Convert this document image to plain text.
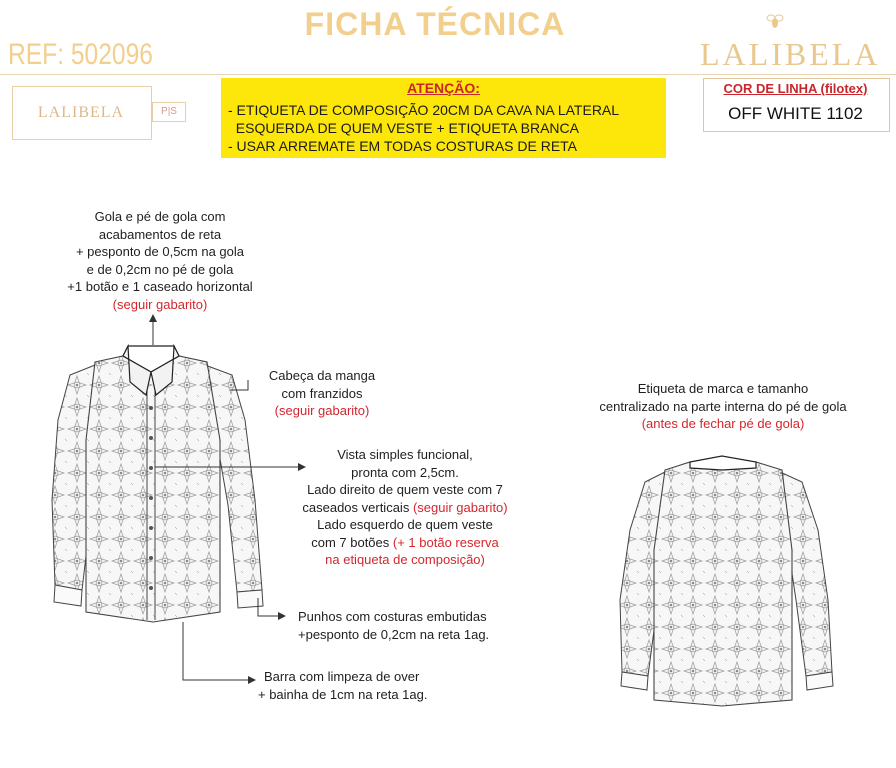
FICHA TÉCNICA
REF: 502096	LALIBELA
LALIBELA	P|S
ATENÇÃO:
- ETIQUETA DE COMPOSIÇÃO 20CM DA CAVA NA LATERAL
ESQUERDA DE QUEM VESTE + ETIQUETA BRANCA
- USAR ARREMATE EM TODAS COSTURAS DE RETA
COR DE LINHA (filotex)
OFF WHITE 1102
Gola e pé de gola com
acabamentos de reta
+ pesponto de 0,5cm na gola
e de 0,2cm no pé de gola
+1 botão e 1 caseado horizontal
(seguir gabarito)
Cabeça da manga
com franzidos
(seguir gabarito)
Vista simples funcional,
pronta com 2,5cm.
Lado direito de quem veste com 7
caseados verticais (seguir gabarito)
Lado esquerdo de quem veste
com 7 botões (+ 1 botão reserva
na etiqueta de composição)
Punhos com costuras embutidas
+pesponto de 0,2cm na reta 1ag.
Barra com limpeza de over
+ bainha de 1cm na reta 1ag.
Etiqueta de marca e tamanho
centralizado na parte interna do pé de gola
(antes de fechar pé de gola)
